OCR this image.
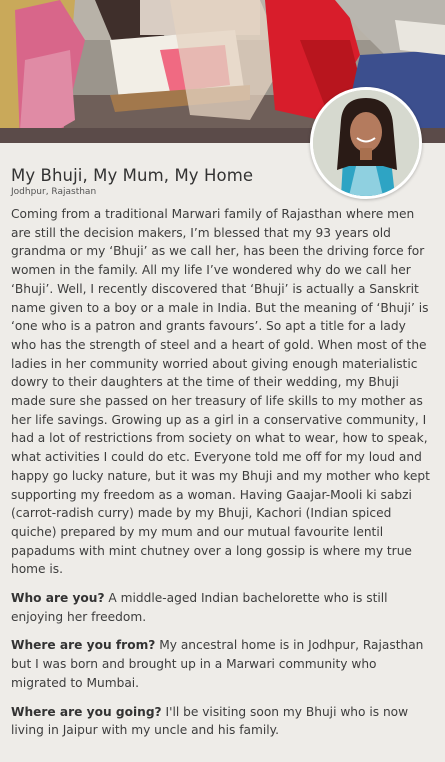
My Bhuji, My Mum, My Home
Jodhpur, Rajasthan

Coming from a traditional Marwari family of Rajasthan where men are still the decision makers, I’m blessed that my 93 years old grandma or my ‘Bhuji’ as we call her, has been the driving force for women in the family. All my life I’ve wondered why do we call her ‘Bhuji’. Well, I recently discovered that ‘Bhuji’ is actually a Sanskrit name given to a boy or a male in India. But the meaning of ‘Bhuji’ is ‘one who is a patron and grants favours’. So apt a title for a lady who has the strength of steel and a heart of gold. When most of the ladies in her community worried about giving enough materialistic dowry to their daughters at the time of their wedding, my Bhuji made sure she passed on her treasury of life skills to my mother as her life savings. Growing up as a girl in a conservative community, I had a lot of restrictions from society on what to wear, how to speak, what activities I could do etc. Everyone told me off for my loud and happy go lucky nature, but it was my Bhuji and my mother who kept supporting my freedom as a woman. Having Gaajar-Mooli ki sabzi (carrot-radish curry) made by my Bhuji, Kachori (Indian spiced quiche) prepared by my mum and our mutual favourite lentil papadums with mint chutney over a long gossip is where my true home is.

Who are you? A middle-aged Indian bachelorette who is still enjoying her freedom.

Where are you from? My ancestral home is in Jodhpur, Rajasthan but I was born and brought up in a Marwari community who migrated to Mumbai.

Where are you going? I'll be visiting soon my Bhuji who is now living in Jaipur with my uncle and his family.
